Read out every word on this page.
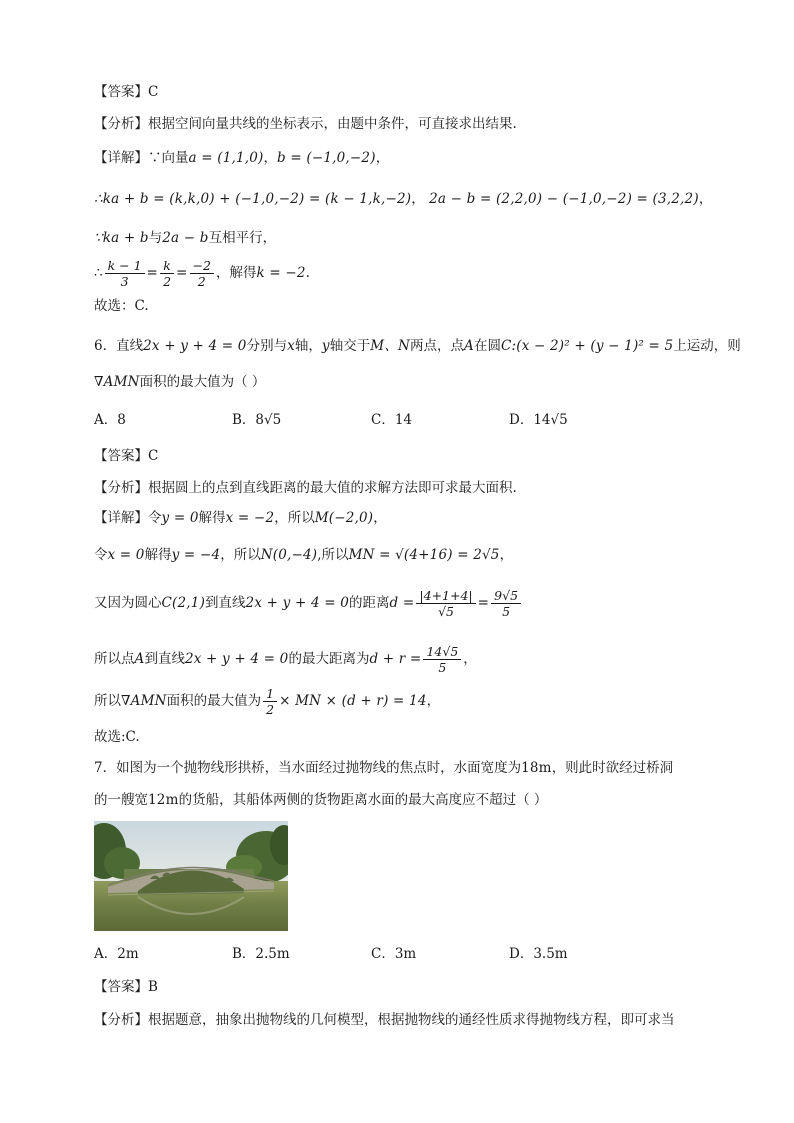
【答案】C
【分析】根据空间向量共线的坐标表示，由题中条件，可直接求出结果.
【详解】∵向量a = (1,1,0)，b = (−1,0,−2)，
∴ka + b = (k,k,0) + (−1,0,−2) = (k − 1,k,−2)， 2a − b = (2,2,0) − (−1,0,−2) = (3,2,2)，
∵ka + b与2a − b互相平行，
∴ $\frac{k - 1}{3} = \frac{k}{2} = \frac{-2}{2}$ ，解得k = −2.
故选：C.
6．直线2x + y + 4 = 0分别与x轴，y轴交于M、N两点，点A在圆C:(x − 2)² + (y − 1)² = 5上运动，则
∇AMN面积的最大值为（ ）
A．8	B．8√5	C．14	D．14√5
【答案】C
【分析】根据圆上的点到直线距离的最大值的求解方法即可求最大面积.
【详解】令y = 0解得x = −2，所以M(−2,0)，
令x = 0解得y = −4，所以N(0,−4),所以MN = √(4+16) = 2√5，
又因为圆心C(2,1)到直线2x + y + 4 = 0的距离$d = \frac{|4+1+4|}{√5} = \frac{9√5}{5}$
所以点A到直线2x + y + 4 = 0的最大距离为$d + r = \frac{14√5}{5}$ ，
所以∇AMN面积的最大值为 $\frac{1}{2}$ × MN × (d + r) = 14，
故选:C.
7．如图为一个抛物线形拱桥，当水面经过抛物线的焦点时，水面宽度为18m，则此时欲经过桥洞
的一艘宽12m的货船，其船体两侧的货物距离水面的最大高度应不超过（ ）
A．2m	B．2.5m	C．3m	D．3.5m
【答案】B
【分析】根据题意，抽象出抛物线的几何模型，根据抛物线的通经性质求得抛物线方程，即可求当
